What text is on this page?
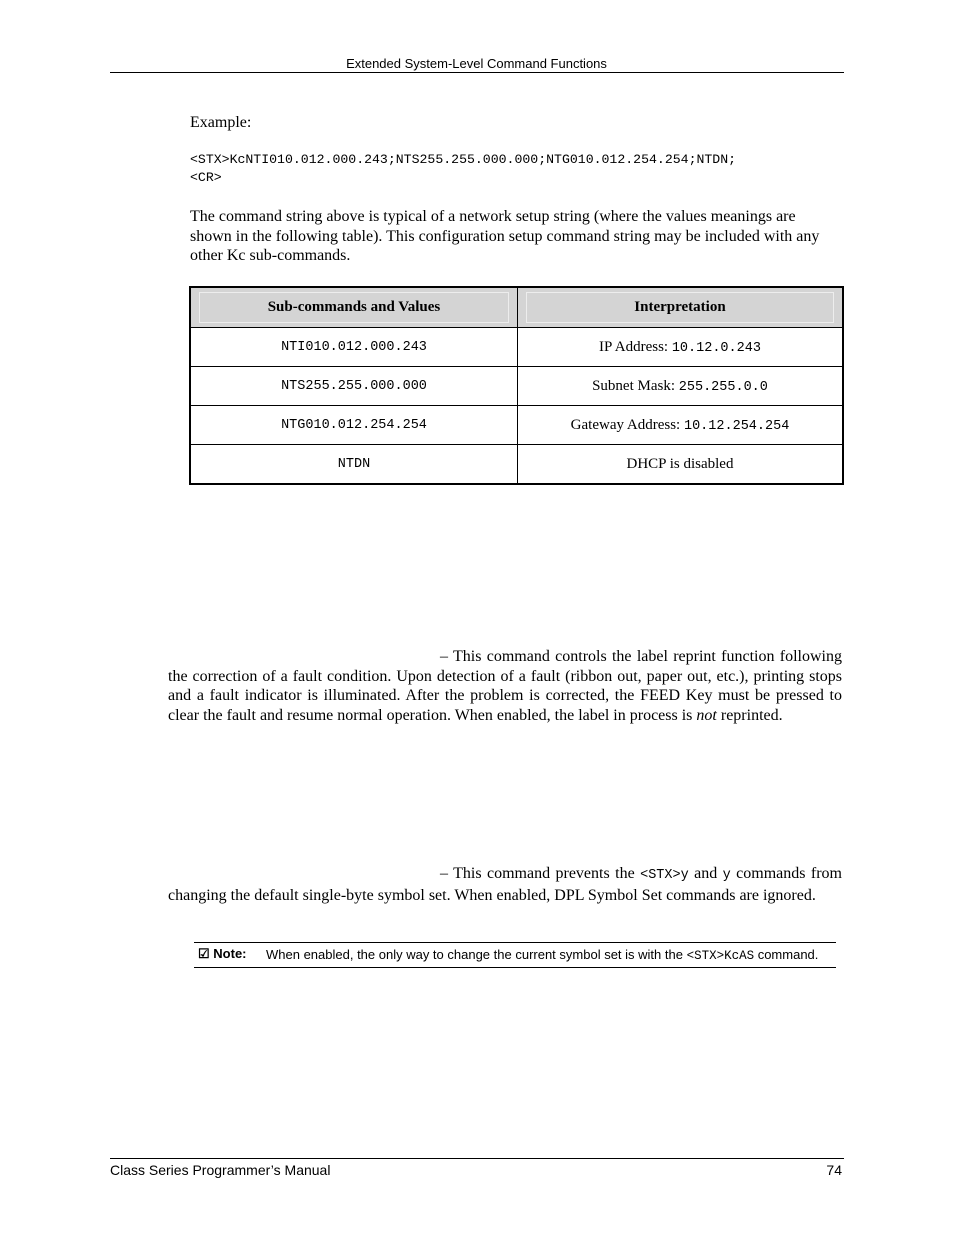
Extended System-Level Command Functions
Example:
<STX>KcNTI010.012.000.243;NTS255.255.000.000;NTG010.012.254.254;NTDN;
<CR>
The command string above is typical of a network setup string (where the values meanings are shown in the following table). This configuration setup command string may be included with any other Kc sub-commands.
Sub-commands and Values	Interpretation

NTI010.012.000.243	IP Address: 10.12.0.243
NTS255.255.000.000	Subnet Mask: 255.255.0.0
NTG010.012.254.254	Gateway Address: 10.12.254.254
NTDN	DHCP is disabled
– This command controls the label reprint function following the correction of a fault condition. Upon detection of a fault (ribbon out, paper out, etc.), printing stops and a fault indicator is illuminated. After the problem is corrected, the FEED Key must be pressed to clear the fault and resume normal operation. When enabled, the label in process is not reprinted.
– This command prevents the <STX>y and y commands from changing the default single-byte symbol set. When enabled, DPL Symbol Set commands are ignored.
☑ Note: When enabled, the only way to change the current symbol set is with the <STX>KcAS command.
Class Series Programmer’s Manual	74
